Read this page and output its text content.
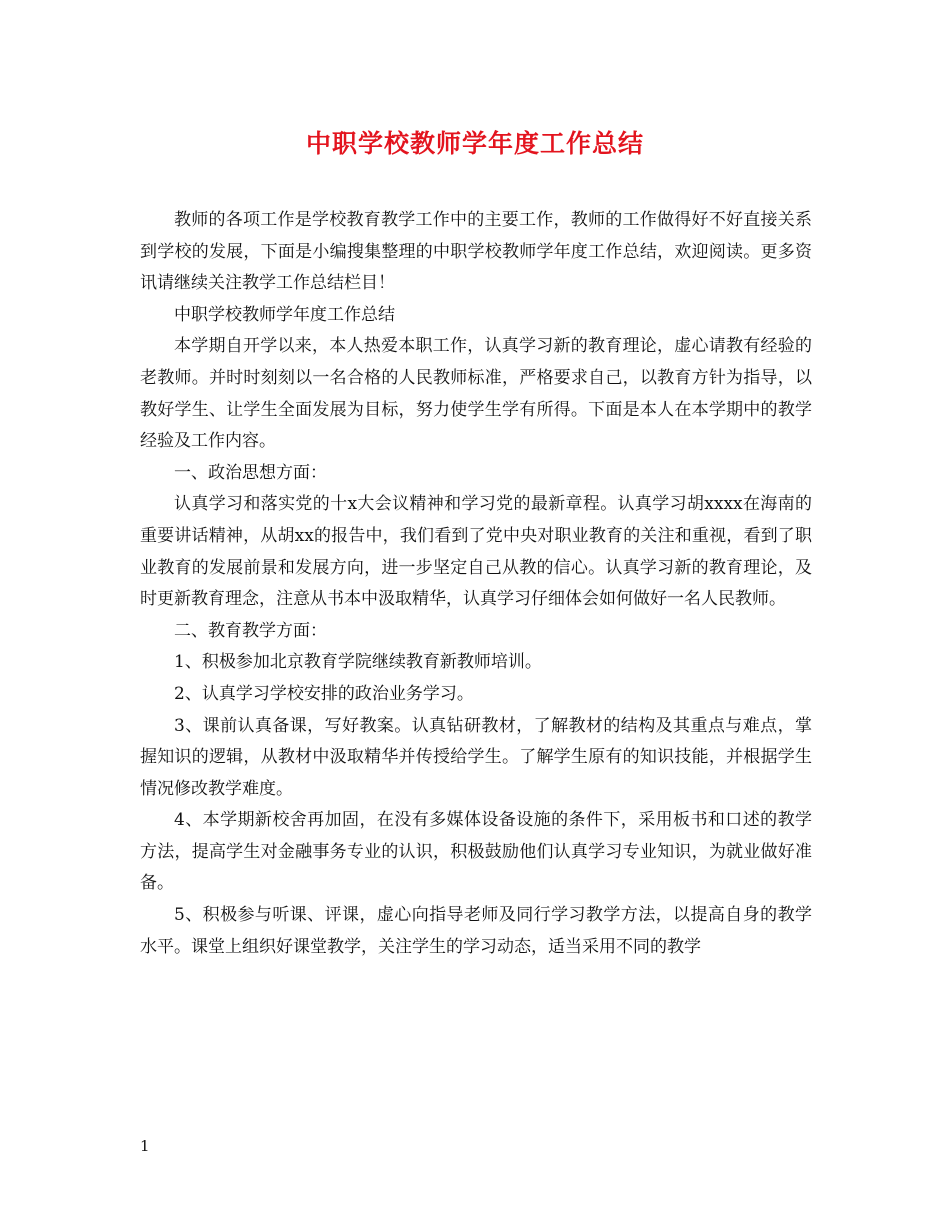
中职学校教师学年度工作总结

教师的各项工作是学校教育教学工作中的主要工作，教师的工作做得好不好直接关系到学校的发展，下面是小编搜集整理的中职学校教师学年度工作总结，欢迎阅读。更多资讯请继续关注教学工作总结栏目！

中职学校教师学年度工作总结

本学期自开学以来，本人热爱本职工作，认真学习新的教育理论，虚心请教有经验的老教师。并时时刻刻以一名合格的人民教师标准，严格要求自己，以教育方针为指导，以教好学生、让学生全面发展为目标，努力使学生学有所得。下面是本人在本学期中的教学经验及工作内容。

一、政治思想方面：

认真学习和落实党的十x大会议精神和学习党的最新章程。认真学习胡xxxx在海南的重要讲话精神，从胡xx的报告中，我们看到了党中央对职业教育的关注和重视，看到了职业教育的发展前景和发展方向，进一步坚定自己从教的信心。认真学习新的教育理论，及时更新教育理念，注意从书本中汲取精华，认真学习仔细体会如何做好一名人民教师。

二、教育教学方面：

1、积极参加北京教育学院继续教育新教师培训。

2、认真学习学校安排的政治业务学习。

3、课前认真备课，写好教案。认真钻研教材，了解教材的结构及其重点与难点，掌握知识的逻辑，从教材中汲取精华并传授给学生。了解学生原有的知识技能，并根据学生情况修改教学难度。

4、本学期新校舍再加固，在没有多媒体设备设施的条件下，采用板书和口述的教学方法，提高学生对金融事务专业的认识，积极鼓励他们认真学习专业知识，为就业做好准备。

5、积极参与听课、评课，虚心向指导老师及同行学习教学方法，以提高自身的教学水平。课堂上组织好课堂教学，关注学生的学习动态，适当采用不同的教学

1
